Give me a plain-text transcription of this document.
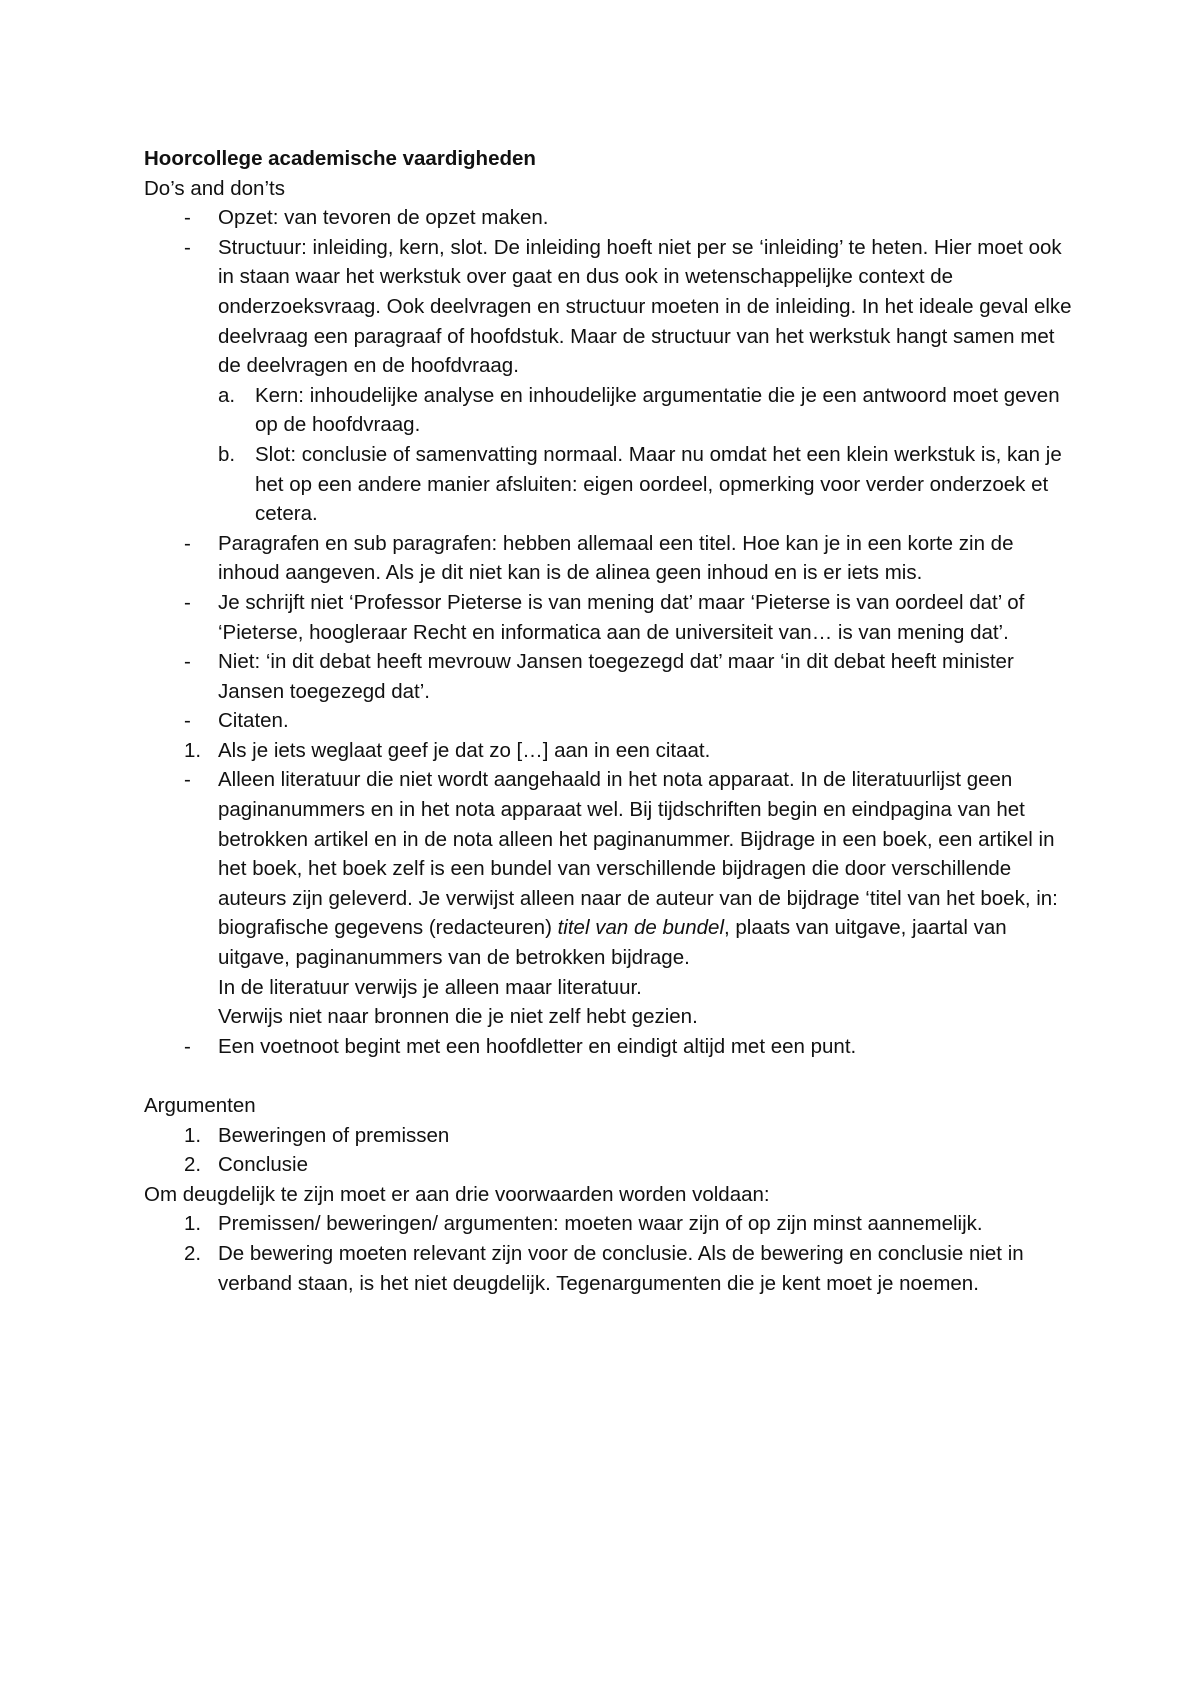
Hoorcollege academische vaardigheden
Do’s and don’ts
- Opzet: van tevoren de opzet maken.
- Structuur: inleiding, kern, slot. De inleiding hoeft niet per se ‘inleiding’ te heten. Hier moet ook in staan waar het werkstuk over gaat en dus ook in wetenschappelijke context de onderzoeksvraag. Ook deelvragen en structuur moeten in de inleiding. In het ideale geval elke deelvraag een paragraaf of hoofdstuk. Maar de structuur van het werkstuk hangt samen met de deelvragen en de hoofdvraag.
a. Kern: inhoudelijke analyse en inhoudelijke argumentatie die je een antwoord moet geven op de hoofdvraag.
b. Slot: conclusie of samenvatting normaal. Maar nu omdat het een klein werkstuk is, kan je het op een andere manier afsluiten: eigen oordeel, opmerking voor verder onderzoek et cetera.
- Paragrafen en sub paragrafen: hebben allemaal een titel. Hoe kan je in een korte zin de inhoud aangeven. Als je dit niet kan is de alinea geen inhoud en is er iets mis.
- Je schrijft niet ‘Professor Pieterse is van mening dat’ maar ‘Pieterse is van oordeel dat’ of ‘Pieterse, hoogleraar Recht en informatica aan de universiteit van… is van mening dat’.
- Niet: ‘in dit debat heeft mevrouw Jansen toegezegd dat’ maar ‘in dit debat heeft minister Jansen toegezegd dat’.
- Citaten.
1. Als je iets weglaat geef je dat zo […] aan in een citaat.
- Alleen literatuur die niet wordt aangehaald in het nota apparaat. In de literatuurlijst geen paginanummers en in het nota apparaat wel. Bij tijdschriften begin en eindpagina van het betrokken artikel en in de nota alleen het paginanummer. Bijdrage in een boek, een artikel in het boek, het boek zelf is een bundel van verschillende bijdragen die door verschillende auteurs zijn geleverd. Je verwijst alleen naar de auteur van de bijdrage ‘titel van het boek, in: biografische gegevens (redacteuren) titel van de bundel, plaats van uitgave, jaartal van uitgave, paginanummers van de betrokken bijdrage.
In de literatuur verwijs je alleen maar literatuur.
Verwijs niet naar bronnen die je niet zelf hebt gezien.
- Een voetnoot begint met een hoofdletter en eindigt altijd met een punt.
Argumenten
1. Beweringen of premissen
2. Conclusie
Om deugdelijk te zijn moet er aan drie voorwaarden worden voldaan:
1. Premissen/ beweringen/ argumenten: moeten waar zijn of op zijn minst aannemelijk.
2. De bewering moeten relevant zijn voor de conclusie. Als de bewering en conclusie niet in verband staan, is het niet deugdelijk. Tegenargumenten die je kent moet je noemen.
